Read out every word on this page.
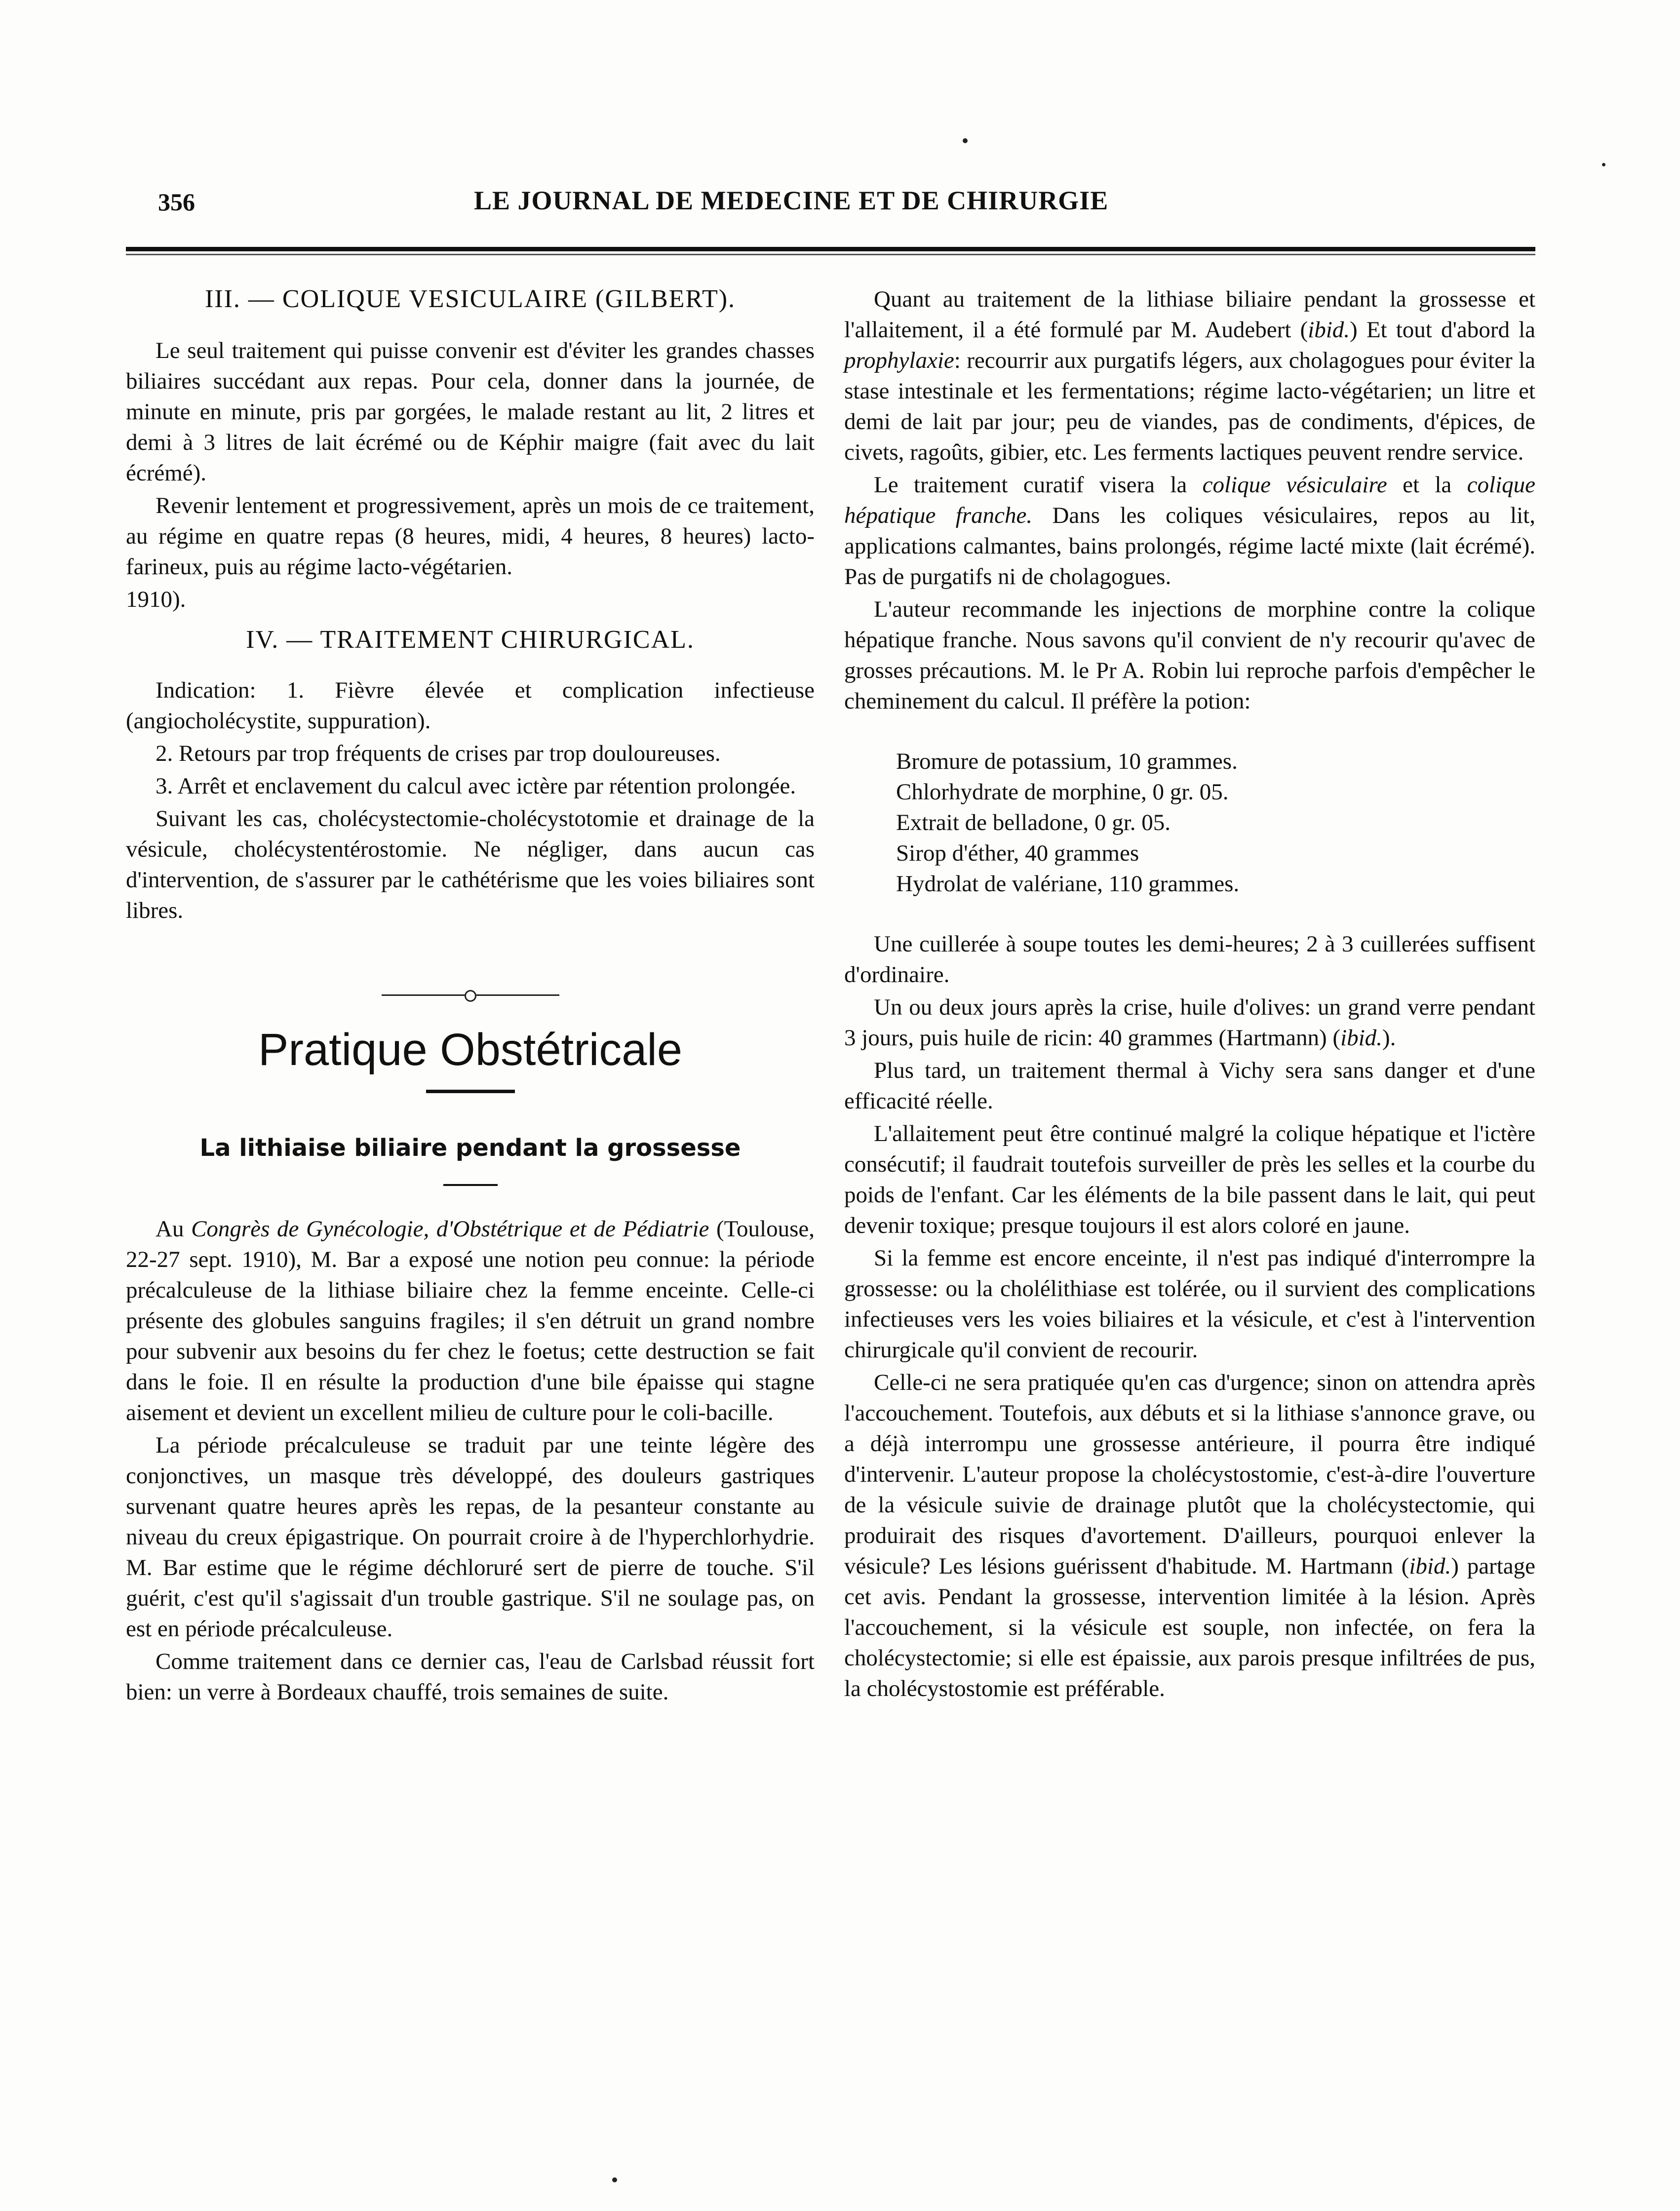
356	LE JOURNAL DE MEDECINE ET DE CHIRURGIE
III. — COLIQUE VESICULAIRE (GILBERT).

Le seul traitement qui puisse convenir est d'éviter les grandes chasses biliaires succédant aux repas. Pour cela, donner dans la journée, de minute en minute, pris par gorgées, le malade restant au lit, 2 litres et demi à 3 litres de lait écrémé ou de Képhir maigre (fait avec du lait écrémé).

Revenir lentement et progressivement, après un mois de ce traitement, au régime en quatre repas (8 heures, midi, 4 heures, 8 heures) lacto-farineux, puis au régime lacto-végétarien.

1910).

IV. — TRAITEMENT CHIRURGICAL.

Indication: 1. Fièvre élevée et complication infectieuse (angiocholécystite, suppuration).

2. Retours par trop fréquents de crises par trop douloureuses.

3. Arrêt et enclavement du calcul avec ictère par rétention prolongée.

Suivant les cas, cholécystectomie-cholécystotomie et drainage de la vésicule, cholécystentérostomie. Ne négliger, dans aucun cas d'intervention, de s'assurer par le cathétérisme que les voies biliaires sont libres.

Pratique Obstétricale
La lithiaise biliaire pendant la grossesse

Au Congrès de Gynécologie, d'Obstétrique et de Pédiatrie (Toulouse, 22-27 sept. 1910), M. Bar a exposé une notion peu connue: la période précalculeuse de la lithiase biliaire chez la femme enceinte. Celle-ci présente des globules sanguins fragiles; il s'en détruit un grand nombre pour subvenir aux besoins du fer chez le foetus; cette destruction se fait dans le foie. Il en résulte la production d'une bile épaisse qui stagne aisement et devient un excellent milieu de culture pour le coli-bacille.

La période précalculeuse se traduit par une teinte légère des conjonctives, un masque très développé, des douleurs gastriques survenant quatre heures après les repas, de la pesanteur constante au niveau du creux épigastrique. On pourrait croire à de l'hyperchlorhydrie. M. Bar estime que le régime déchloruré sert de pierre de touche. S'il guérit, c'est qu'il s'agissait d'un trouble gastrique. S'il ne soulage pas, on est en période précalculeuse.

Comme traitement dans ce dernier cas, l'eau de Carlsbad réussit fort bien: un verre à Bordeaux chauffé, trois semaines de suite.

Quant au traitement de la lithiase biliaire pendant la grossesse et l'allaitement, il a été formulé par M. Audebert (ibid.) Et tout d'abord la prophylaxie: recourrir aux purgatifs légers, aux cholagogues pour éviter la stase intestinale et les fermentations; régime lacto-végétarien; un litre et demi de lait par jour; peu de viandes, pas de condiments, d'épices, de civets, ragoûts, gibier, etc. Les ferments lactiques peuvent rendre service.

Le traitement curatif visera la colique vésiculaire et la colique hépatique franche. Dans les coliques vésiculaires, repos au lit, applications calmantes, bains prolongés, régime lacté mixte (lait écrémé). Pas de purgatifs ni de cholagogues.

L'auteur recommande les injections de morphine contre la colique hépatique franche. Nous savons qu'il convient de n'y recourir qu'avec de grosses précautions. M. le Pr A. Robin lui reproche parfois d'empêcher le cheminement du calcul. Il préfère la potion:

Bromure de potassium, 10 grammes.
Chlorhydrate de morphine, 0 gr. 05.
Extrait de belladone, 0 gr. 05.
Sirop d'éther, 40 grammes
Hydrolat de valériane, 110 grammes.

Une cuillerée à soupe toutes les demi-heures; 2 à 3 cuillerées suffisent d'ordinaire.

Un ou deux jours après la crise, huile d'olives: un grand verre pendant 3 jours, puis huile de ricin: 40 grammes (Hartmann) (ibid.).

Plus tard, un traitement thermal à Vichy sera sans danger et d'une efficacité réelle.

L'allaitement peut être continué malgré la colique hépatique et l'ictère consécutif; il faudrait toutefois surveiller de près les selles et la courbe du poids de l'enfant. Car les éléments de la bile passent dans le lait, qui peut devenir toxique; presque toujours il est alors coloré en jaune.

Si la femme est encore enceinte, il n'est pas indiqué d'interrompre la grossesse: ou la cholélithiase est tolérée, ou il survient des complications infectieuses vers les voies biliaires et la vésicule, et c'est à l'intervention chirurgicale qu'il convient de recourir.

Celle-ci ne sera pratiquée qu'en cas d'urgence; sinon on attendra après l'accouchement. Toutefois, aux débuts et si la lithiase s'annonce grave, ou a déjà interrompu une grossesse antérieure, il pourra être indiqué d'intervenir. L'auteur propose la cholécystostomie, c'est-à-dire l'ouverture de la vésicule suivie de drainage plutôt que la cholécystectomie, qui produirait des risques d'avortement. D'ailleurs, pourquoi enlever la vésicule? Les lésions guérissent d'habitude. M. Hartmann (ibid.) partage cet avis. Pendant la grossesse, intervention limitée à la lésion. Après l'accouchement, si la vésicule est souple, non infectée, on fera la cholécystectomie; si elle est épaissie, aux parois presque infiltrées de pus, la cholécystostomie est préférable.
